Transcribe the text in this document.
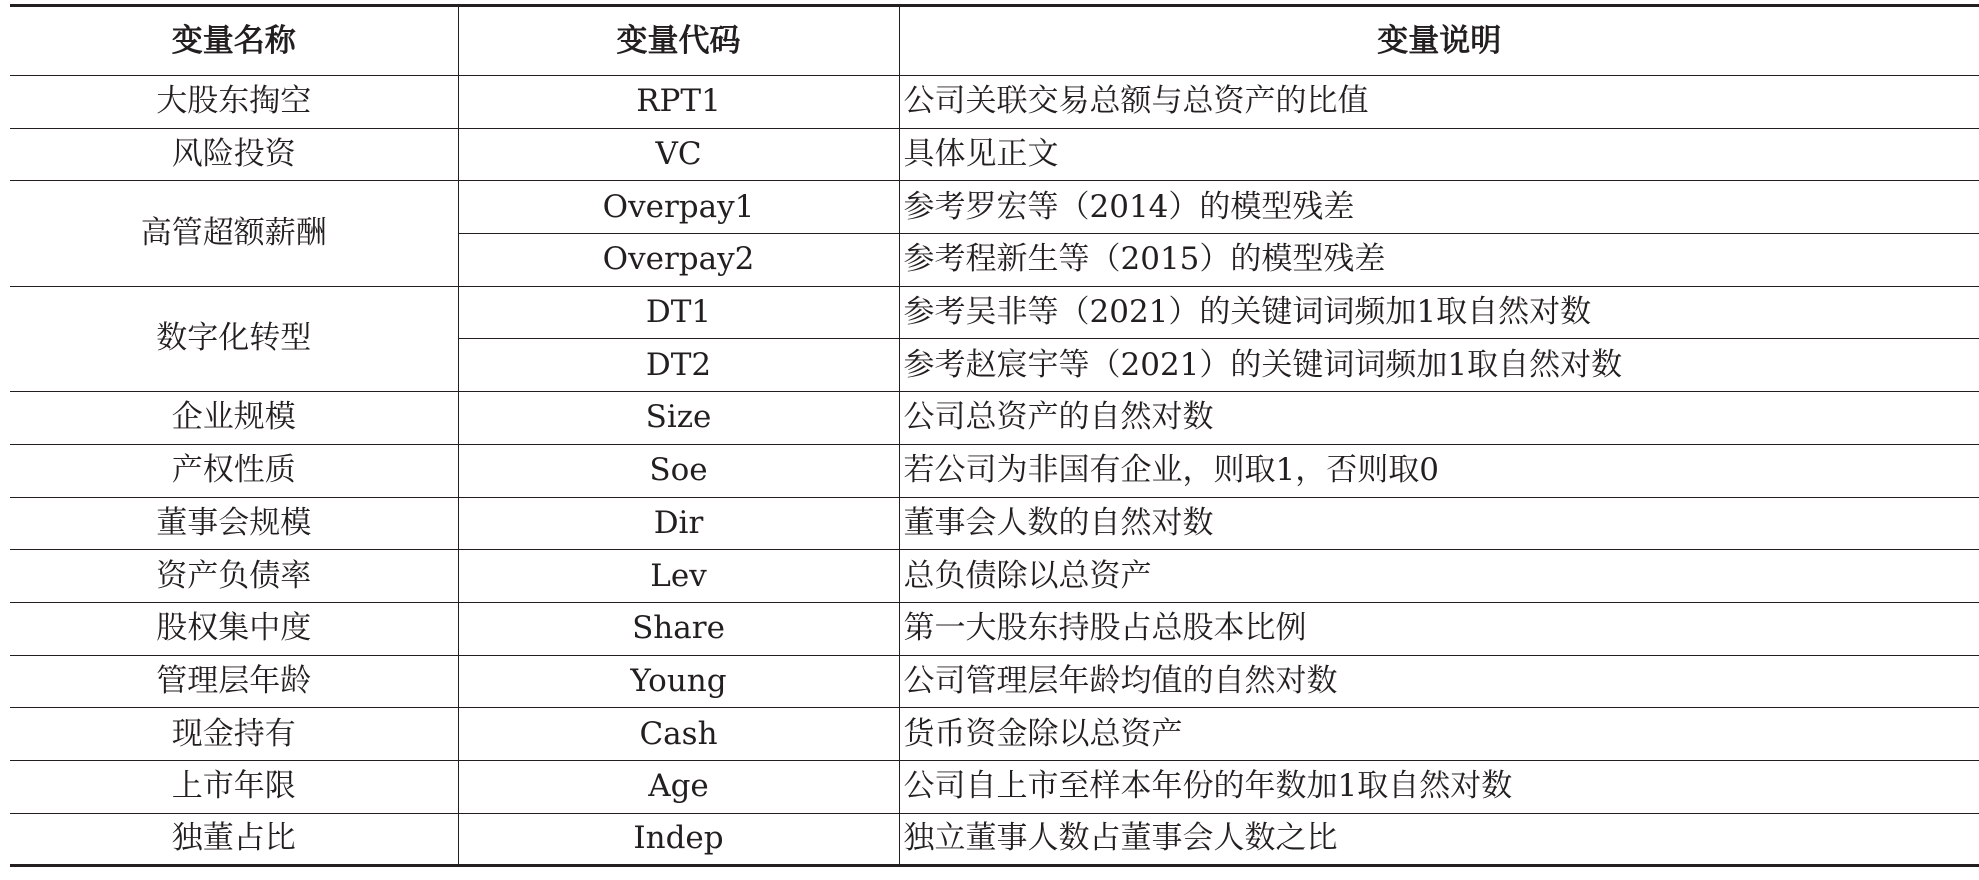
变量名称	变量代码	变量说明
大股东掏空	RPT1	公司关联交易总额与总资产的比值
风险投资	VC	具体见正文
高管超额薪酬	Overpay1	参考罗宏等（2014）的模型残差
	Overpay2	参考程新生等（2015）的模型残差
数字化转型	DT1	参考吴非等（2021）的关键词词频加1取自然对数
	DT2	参考赵宸宇等（2021）的关键词词频加1取自然对数
企业规模	Size	公司总资产的自然对数
产权性质	Soe	若公司为非国有企业，则取1，否则取0
董事会规模	Dir	董事会人数的自然对数
资产负债率	Lev	总负债除以总资产
股权集中度	Share	第一大股东持股占总股本比例
管理层年龄	Young	公司管理层年龄均值的自然对数
现金持有	Cash	货币资金除以总资产
上市年限	Age	公司自上市至样本年份的年数加1取自然对数
独董占比	Indep	独立董事人数占董事会人数之比
